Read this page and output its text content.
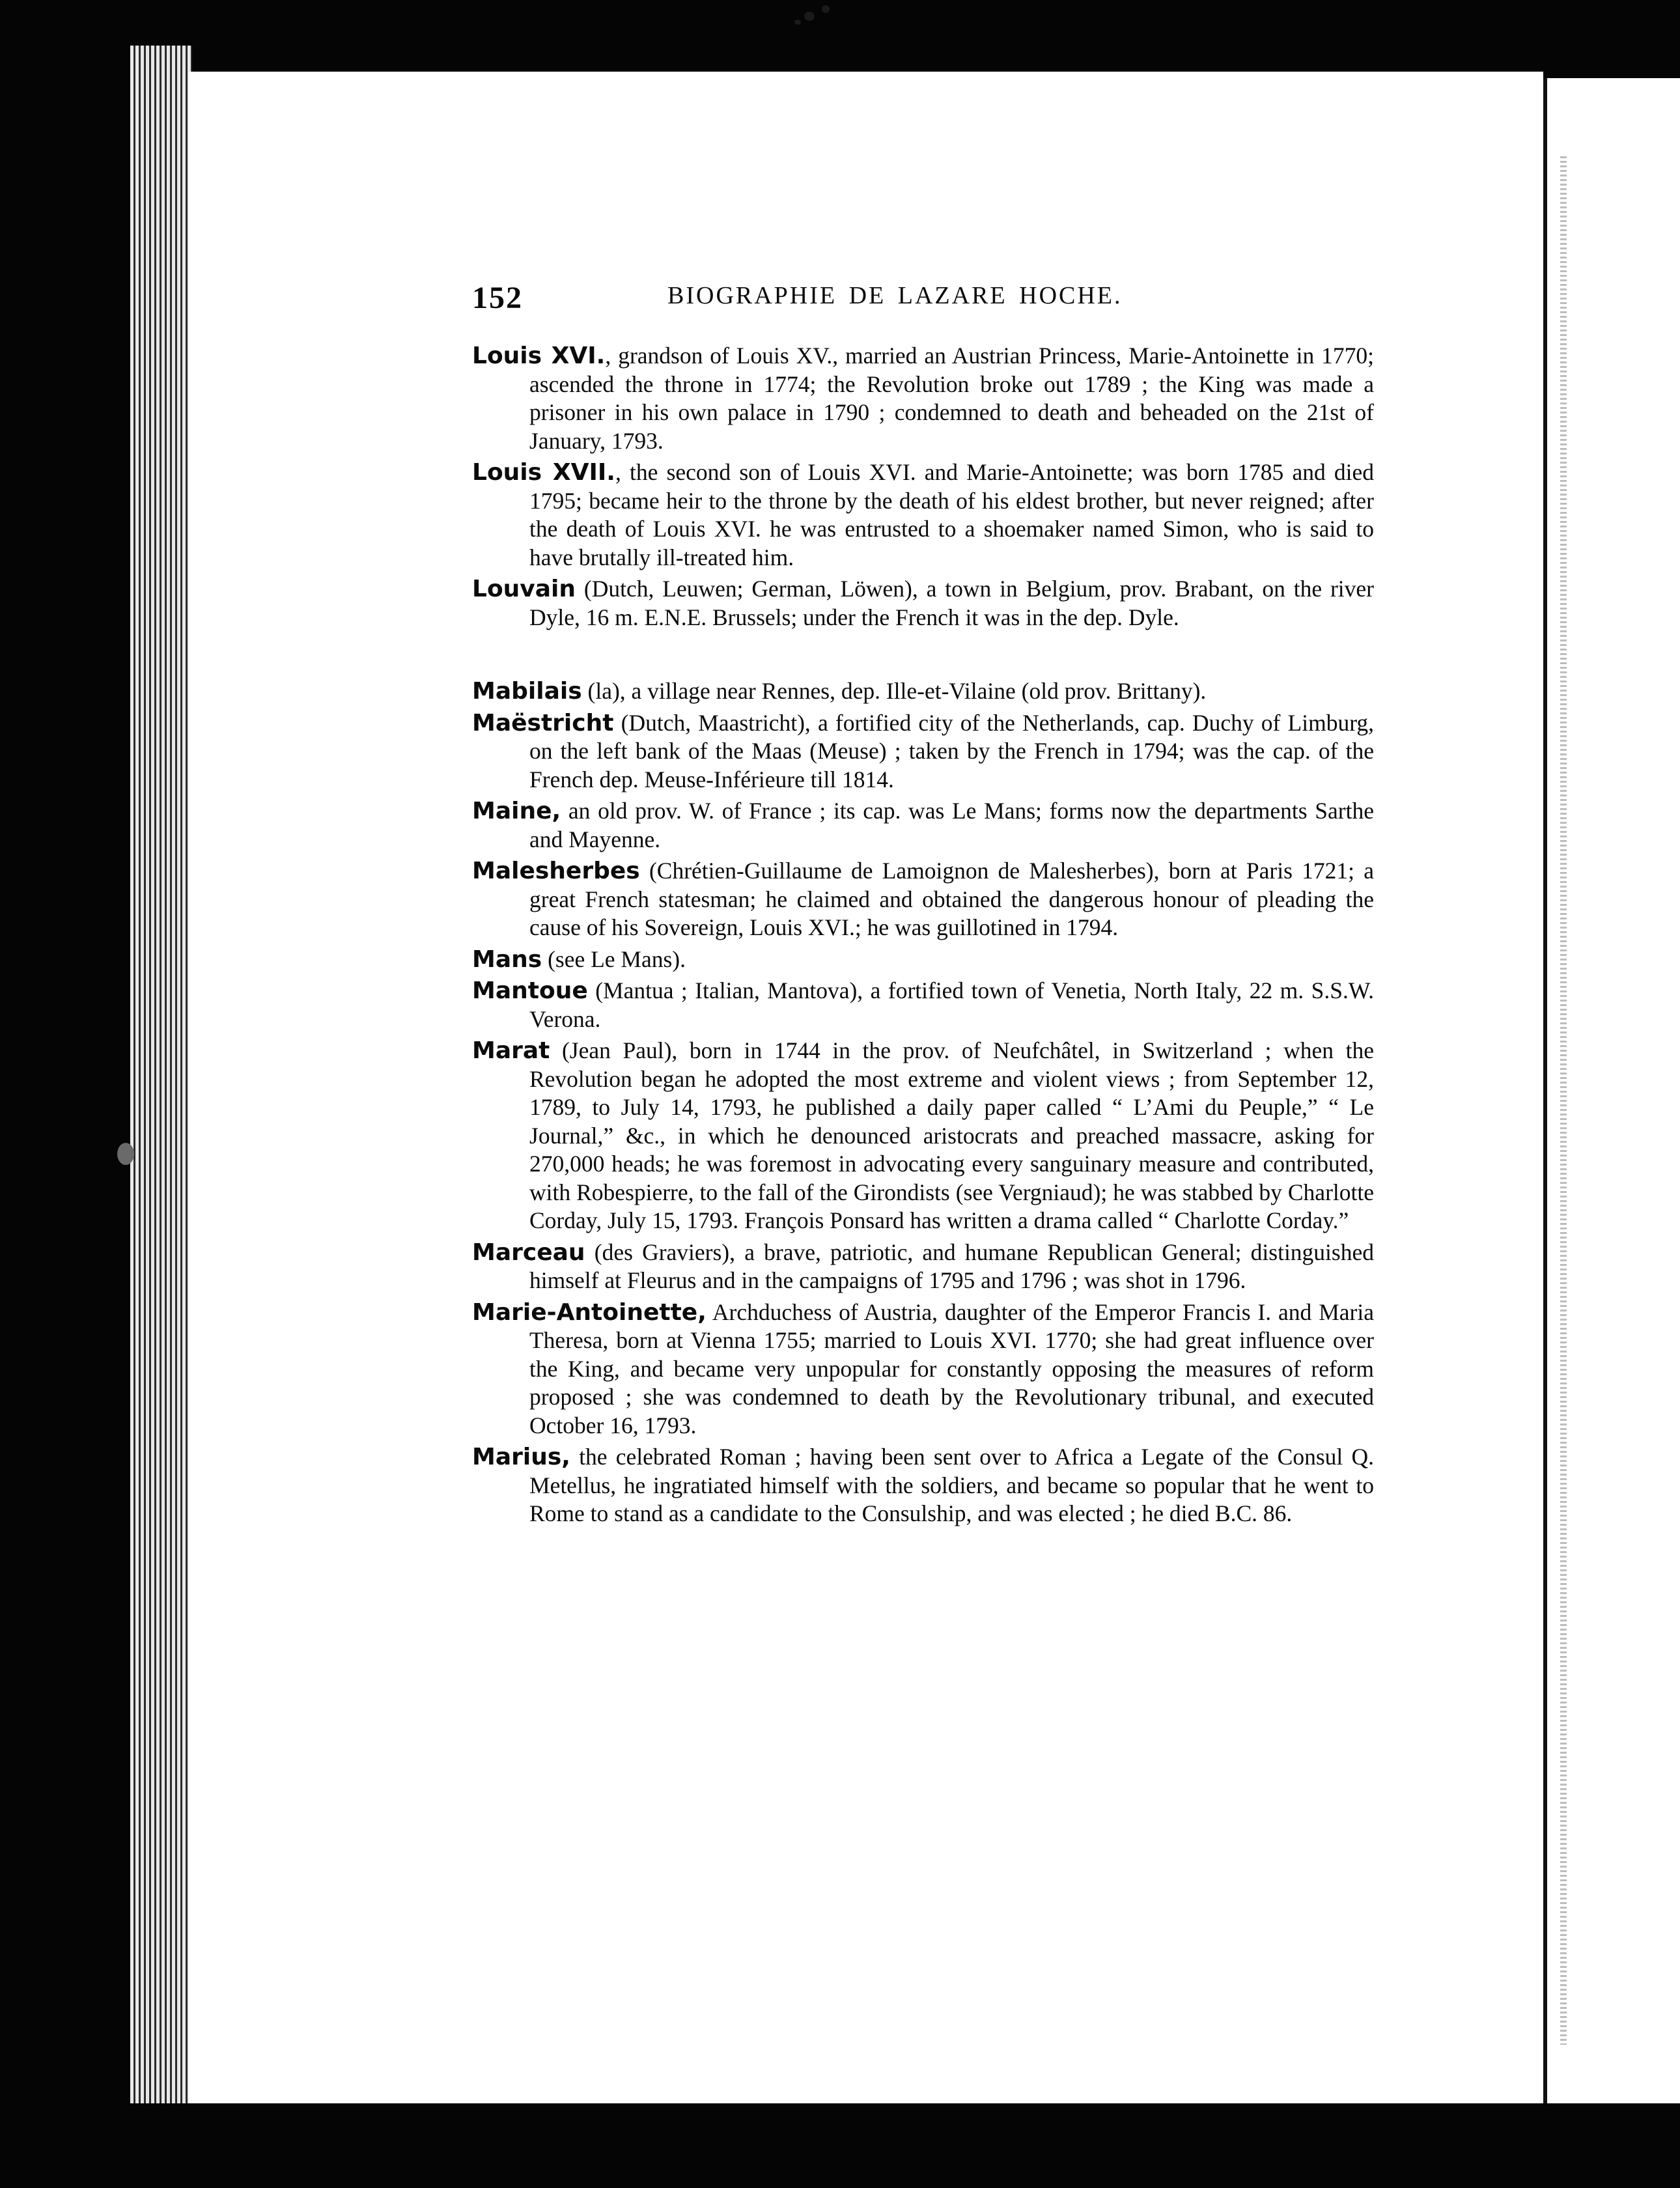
152	BIOGRAPHIE DE LAZARE HOCHE.

Louis XVI., grandson of Louis XV., married an Austrian Princess, Marie-Antoinette in 1770; ascended the throne in 1774; the Revolution broke out 1789 ; the King was made a prisoner in his own palace in 1790 ; condemned to death and beheaded on the 21st of January, 1793.

Louis XVII., the second son of Louis XVI. and Marie-Antoinette; was born 1785 and died 1795; became heir to the throne by the death of his eldest brother, but never reigned; after the death of Louis XVI. he was entrusted to a shoemaker named Simon, who is said to have brutally ill-treated him.

Louvain (Dutch, Leuwen; German, Löwen), a town in Belgium, prov. Brabant, on the river Dyle, 16 m. E.N.E. Brussels; under the French it was in the dep. Dyle.

Mabilais (la), a village near Rennes, dep. Ille-et-Vilaine (old prov. Brittany).

Maëstricht (Dutch, Maastricht), a fortified city of the Netherlands, cap. Duchy of Limburg, on the left bank of the Maas (Meuse) ; taken by the French in 1794; was the cap. of the French dep. Meuse-Inférieure till 1814.

Maine, an old prov. W. of France ; its cap. was Le Mans; forms now the departments Sarthe and Mayenne.

Malesherbes (Chrétien-Guillaume de Lamoignon de Malesherbes), born at Paris 1721; a great French statesman; he claimed and obtained the dangerous honour of pleading the cause of his Sovereign, Louis XVI.; he was guillotined in 1794.

Mans (see Le Mans).

Mantoue (Mantua ; Italian, Mantova), a fortified town of Venetia, North Italy, 22 m. S.S.W. Verona.

Marat (Jean Paul), born in 1744 in the prov. of Neufchâtel, in Switzerland ; when the Revolution began he adopted the most extreme and violent views ; from September 12, 1789, to July 14, 1793, he published a daily paper called “ L’Ami du Peuple,” “ Le Journal,” &c., in which he denounced aristocrats and preached massacre, asking for 270,000 heads; he was foremost in advocating every sanguinary measure and contributed, with Robespierre, to the fall of the Girondists (see Vergniaud); he was stabbed by Charlotte Corday, July 15, 1793. François Ponsard has written a drama called “ Charlotte Corday.”

Marceau (des Graviers), a brave, patriotic, and humane Republican General; distinguished himself at Fleurus and in the campaigns of 1795 and 1796 ; was shot in 1796.

Marie-Antoinette, Archduchess of Austria, daughter of the Emperor Francis I. and Maria Theresa, born at Vienna 1755; married to Louis XVI. 1770; she had great influence over the King, and became very unpopular for constantly opposing the measures of reform proposed ; she was condemned to death by the Revolutionary tribunal, and executed October 16, 1793.

Marius, the celebrated Roman ; having been sent over to Africa a Legate of the Consul Q. Metellus, he ingratiated himself with the soldiers, and became so popular that he went to Rome to stand as a candidate to the Consulship, and was elected ; he died B.C. 86.
